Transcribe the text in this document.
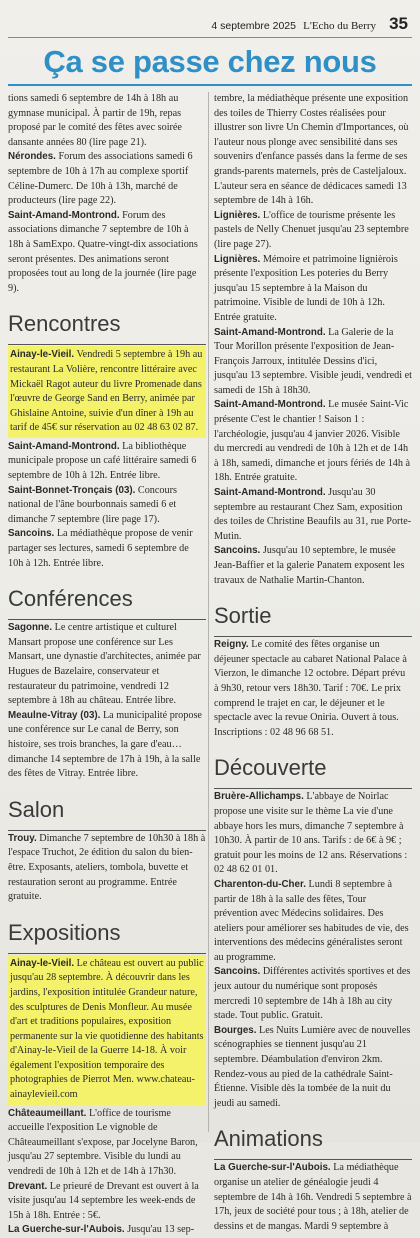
4 septembre 2025 L'Echo du Berry 35
Ça se passe chez nous

tions samedi 6 septembre de 14h à 18h au gymnase municipal. À partir de 19h, repas proposé par le comité des fêtes avec soirée dansante années 80 (lire page 21).

Nérondes. Forum des associations samedi 6 septembre de 10h à 17h au complexe sportif Céline-Dumerc. De 10h à 13h, marché de producteurs (lire page 22).

Saint-Amand-Montrond. Forum des associations dimanche 7 septembre de 10h à 18h à SamExpo. Quatre-vingt-dix associations seront présentes. Des animations seront proposées tout au long de la journée (lire page 9).

Rencontres

Ainay-le-Vieil. Vendredi 5 septembre à 19h au restaurant La Volière, rencontre littéraire avec Mickaël Ragot auteur du livre Promenade dans l'œuvre de George Sand en Berry, animée par Ghislaine Antoine, suivie d'un dîner à 19h au tarif de 45€ sur réservation au 02 48 63 02 87.

Saint-Amand-Montrond. La bibliothèque municipale propose un café littéraire samedi 6 septembre de 10h à 12h. Entrée libre.

Saint-Bonnet-Tronçais (03). Concours national de l'âne bourbonnais samedi 6 et dimanche 7 septembre (lire page 17).

Sancoins. La médiathèque propose de venir partager ses lectures, samedi 6 septembre de 10h à 12h. Entrée libre.

Conférences

Sagonne. Le centre artistique et culturel Mansart propose une conférence sur Les Mansart, une dynastie d'architectes, animée par Hugues de Bazelaire, conservateur et restaurateur du patrimoine, vendredi 12 septembre à 18h au château. Entrée libre.

Meaulne-Vitray (03). La municipalité propose une conférence sur Le canal de Berry, son histoire, ses trois branches, la gare d'eau… dimanche 14 septembre de 17h à 19h, à la salle des fêtes de Vitray. Entrée libre.

Salon

Trouy. Dimanche 7 septembre de 10h30 à 18h à l'espace Truchot, 2e édition du salon du bien-être. Exposants, ateliers, tombola, buvette et restauration seront au programme. Entrée gratuite.

Expositions

Ainay-le-Vieil. Le château est ouvert au public jusqu'au 28 septembre. À découvrir dans les jardins, l'exposition intitulée Grandeur nature, des sculptures de Denis Monfleur. Au musée d'art et traditions populaires, exposition permanente sur la vie quotidienne des habitants d'Ainay-le-Vieil de la Guerre 14-18. À voir également l'exposition temporaire des photographies de Pierrot Men. www.chateau-ainaylevieil.com

Châteaumeillant. L'office de tourisme accueille l'exposition Le vignoble de Châteaumeillant s'expose, par Jocelyne Baron, jusqu'au 27 septembre. Visible du lundi au vendredi de 10h à 12h et de 14h à 17h30.

Drevant. Le prieuré de Drevant est ouvert à la visite jusqu'au 14 septembre les week-ends de 15h à 18h. Entrée : 5€.

La Guerche-sur-l'Aubois. Jusqu'au 13 sep-

tembre, la médiathèque présente une exposition des toiles de Thierry Costes réalisées pour illustrer son livre Un Chemin d'Importances, où l'auteur nous plonge avec sensibilité dans ses souvenirs d'enfance passés dans la ferme de ses grands-parents maternels, près de Casteljaloux. L'auteur sera en séance de dédicaces samedi 13 septembre de 14h à 16h.

Lignières. L'office de tourisme présente les pastels de Nelly Chenuet jusqu'au 23 septembre (lire page 27).

Lignières. Mémoire et patrimoine lignièrois présente l'exposition Les poteries du Berry jusqu'au 15 septembre à la Maison du patrimoine. Visible de lundi de 10h à 12h. Entrée gratuite.

Saint-Amand-Montrond. La Galerie de la Tour Morillon présente l'exposition de Jean-François Jarroux, intitulée Dessins d'ici, jusqu'au 13 septembre. Visible jeudi, vendredi et samedi de 15h à 18h30.

Saint-Amand-Montrond. Le musée Saint-Vic présente C'est le chantier ! Saison 1 : l'archéologie, jusqu'au 4 janvier 2026. Visible du mercredi au vendredi de 10h à 12h et de 14h à 18h, samedi, dimanche et jours fériés de 14h à 18h. Entrée gratuite.

Saint-Amand-Montrond. Jusqu'au 30 septembre au restaurant Chez Sam, exposition des toiles de Christine Beaufils au 31, rue Porte-Mutin.

Sancoins. Jusqu'au 10 septembre, le musée Jean-Baffier et la galerie Panatem exposent les travaux de Nathalie Martin-Chanton.

Sortie

Reigny. Le comité des fêtes organise un déjeuner spectacle au cabaret National Palace à Vierzon, le dimanche 12 octobre. Départ prévu à 9h30, retour vers 18h30. Tarif : 70€. Le prix comprend le trajet en car, le déjeuner et le spectacle avec la revue Oniria. Ouvert à tous. Inscriptions : 02 48 96 68 51.

Découverte

Bruère-Allichamps. L'abbaye de Noirlac propose une visite sur le thème La vie d'une abbaye hors les murs, dimanche 7 septembre à 10h30. À partir de 10 ans. Tarifs : de 6€ à 9€ ; gratuit pour les moins de 12 ans. Réservations : 02 48 62 01 01.

Charenton-du-Cher. Lundi 8 septembre à partir de 18h à la salle des fêtes, Tour prévention avec Médecins solidaires. Des ateliers pour améliorer ses habitudes de vie, des interventions des médecins généralistes seront au programme.

Sancoins. Différentes activités sportives et des jeux autour du numérique sont proposés mercredi 10 septembre de 14h à 18h au city stade. Tout public. Gratuit.

Bourges. Les Nuits Lumière avec de nouvelles scénographies se tiennent jusqu'au 21 septembre. Déambulation d'environ 2km. Rendez-vous au pied de la cathédrale Saint-Étienne. Visible dès la tombée de la nuit du jeudi au samedi.

Animations

La Guerche-sur-l'Aubois. La médiathèque organise un atelier de généalogie jeudi 4 septembre de 14h à 16h. Vendredi 5 septembre à 17h, jeux de société pour tous ; à 18h, atelier de dessins et de mangas. Mardi 9 septembre à
